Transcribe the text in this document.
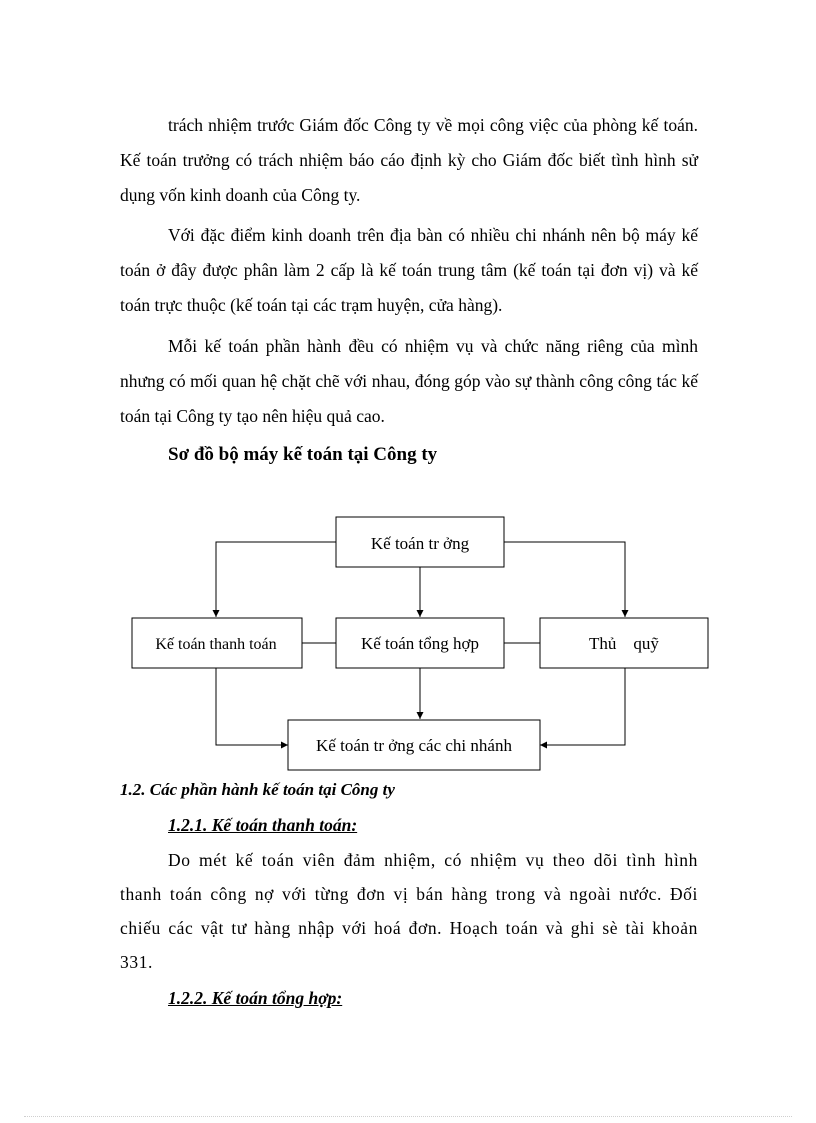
trách nhiệm trước Giám đốc Công ty về mọi công việc của phòng kế toán. Kế toán trưởng có trách nhiệm báo cáo định kỳ cho Giám đốc biết tình hình sử dụng vốn kinh doanh của Công ty.

Với đặc điểm kinh doanh trên địa bàn có nhiều chi nhánh nên bộ máy kế toán ở đây được phân làm 2 cấp là kế toán trung tâm (kế toán tại đơn vị) và kế toán trực thuộc (kế toán tại các trạm huyện, cửa hàng).

Mỗi kế toán phần hành đều có nhiệm vụ và chức năng riêng của mình nhưng có mối quan hệ chặt chẽ với nhau, đóng góp vào sự thành công công tác kế toán tại Công ty tạo nên hiệu quả cao.

Sơ đồ bộ máy kế toán tại Công ty
Kế toán tr ởng
Kế toán thanh toán	Kế toán tổng hợp	Thủ    quỹ
Kế toán tr ởng các chi nhánh
1.2. Các phần hành kế toán tại Công ty
1.2.1. Kế toán thanh toán:

Do mét kế toán viên đảm nhiệm, có nhiệm vụ theo dõi tình hình thanh toán công nợ với từng đơn vị bán hàng trong và ngoài nước. Đối chiếu các vật tư hàng nhập với hoá đơn. Hoạch toán và ghi sè tài khoản 331.

1.2.2. Kế toán tổng hợp:
